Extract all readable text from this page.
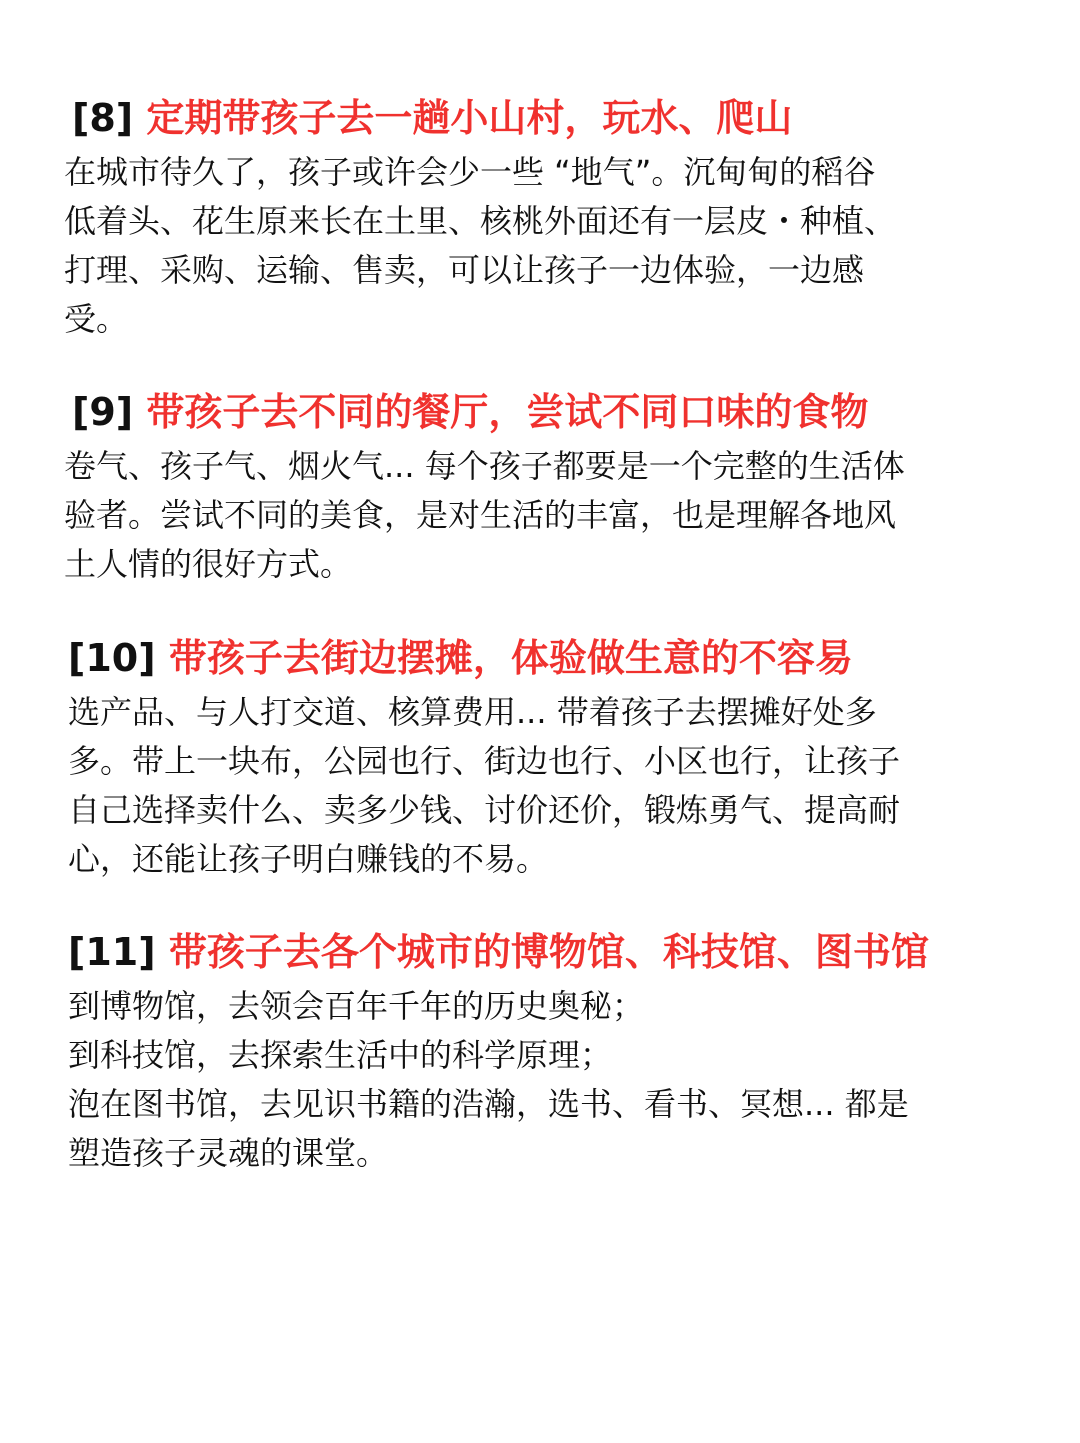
[8] 定期带孩子去一趟小山村，玩水、爬山

在城市待久了，孩子或许会少一些 “地气”。沉甸甸的稻谷
低着头、花生原来长在土里、核桃外面还有一层皮・种植、
打理、采购、运输、售卖，可以让孩子一边体验，一边感
受。

[9] 带孩子去不同的餐厅，尝试不同口味的食物

卷气、孩子气、烟火气... 每个孩子都要是一个完整的生活体
验者。尝试不同的美食，是对生活的丰富，也是理解各地风
土人情的很好方式。

[10] 带孩子去街边摆摊，体验做生意的不容易

选产品、与人打交道、核算费用... 带着孩子去摆摊好处多
多。带上一块布，公园也行、街边也行、小区也行，让孩子
自己选择卖什么、卖多少钱、讨价还价，锻炼勇气、提高耐
心，还能让孩子明白赚钱的不易。

[11] 带孩子去各个城市的博物馆、科技馆、图书馆

到博物馆，去领会百年千年的历史奥秘；
到科技馆，去探索生活中的科学原理；
泡在图书馆，去见识书籍的浩瀚，选书、看书、冥想... 都是
塑造孩子灵魂的课堂。
